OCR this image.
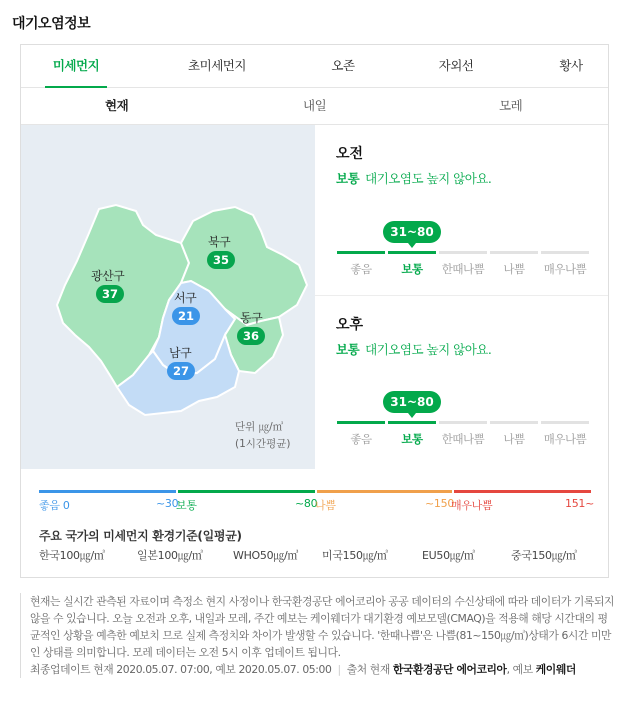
대기오염정보
미세먼지	초미세먼지	오존	자외선	황사
현재	내일	모레
광산구
37
북구
35
서구
21	동구
36
남구
27
단위 ㎍/㎥
(1시간평균)
오전
보통 대기오염도 높지 않아요.
31~80
좋음	보통	한때나쁨	나쁨	매우나쁨
오후
보통 대기오염도 높지 않아요.
31~80
좋음	보통	한때나쁨	나쁨	매우나쁨
좋음 0	~30
보통	~80
나쁨	~150
매우나쁨	151~
주요 국가의 미세먼지 환경기준(일평균)
한국100㎍/㎥	일본100㎍/㎥	WHO50㎍/㎥ 미국150㎍/㎥	EU50㎍/㎥	중국150㎍/㎥

현재는 실시간 관측된 자료이며 측정소 현지 사정이나 한국환경공단 에어코리아 공공 데이터의 수신상태에 따라 데이터가 기록되지 않을 수 있습니다. 오늘 오전과 오후, 내일과 모레, 주간 예보는 케이웨더가 대기환경 예보모델(CMAQ)을 적용해 해당 시간대의 평균적인 상황을 예측한 예보치 므로 실제 측정치와 차이가 발생할 수 있습니다. '한때나쁨'은 나쁨(81~150㎍/㎥)상태가 6시간 미만인 상태를 의미합니다. 모레 데이터는 오전 5시 이후 업데이트 됩니다.

최종업데이트 현재 2020.05.07. 07:00, 예보 2020.05.07. 05:00 | 출처 현재 한국환경공단 에어코리아, 예보 케이웨더
